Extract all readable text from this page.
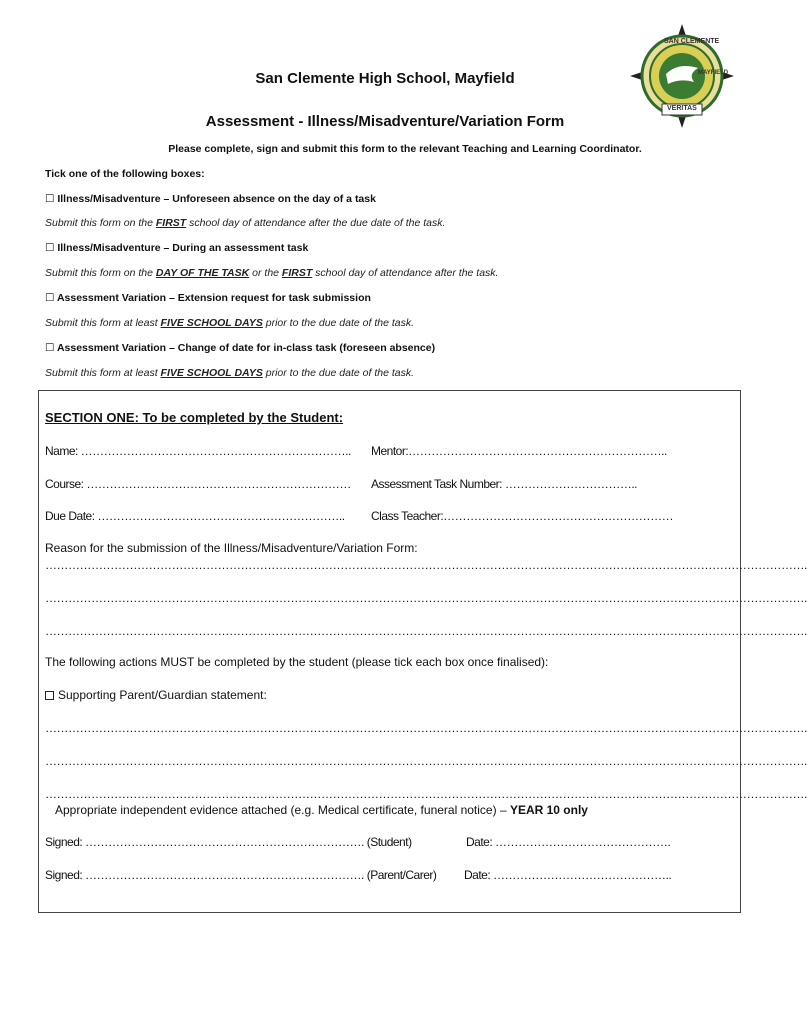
SAN CLEMENTE
MAYFIELD
VERITAS
San Clemente High School, Mayfield
Assessment - Illness/Misadventure/Variation Form
Please complete, sign and submit this form to the relevant Teaching and Learning Coordinator.
Tick one of the following boxes:
☐ Illness/Misadventure – Unforeseen absence on the day of a task
Submit this form on the FIRST school day of attendance after the due date of the task.
☐ Illness/Misadventure – During an assessment task
Submit this form on the DAY OF THE TASK or the FIRST school day of attendance after the task.
☐ Assessment Variation – Extension request for task submission
Submit this form at least FIVE SCHOOL DAYS prior to the due date of the task.
☐ Assessment Variation – Change of date for in-class task (foreseen absence)
Submit this form at least FIVE SCHOOL DAYS prior to the due date of the task.
SECTION ONE: To be completed by the Student:
Name: …………………………………………………………….. Mentor:…………………………………………………………..
Course: …………………………………………………………… Assessment Task Number: ……………………………..
Due Date: ……………………………………………………….. Class Teacher:……………………………………………………
Reason for the submission of the Illness/Misadventure/Variation Form:
……………………………………………………………………………………………………………………………………………………………………………….
……………………………………………………………………………………………………………………………………………………………………………….
……………………………………………………………………………………………………………………………………………………………………………….
The following actions MUST be completed by the student (please tick each box once finalised):
Supporting Parent/Guardian statement:
……………………………………………………………………………………………………………………………………………………………………………….
……………………………………………………………………………………………………………………………………………………………………………….
……………………………………………………………………………………………………………………………………………………………………………….
Appropriate independent evidence attached (e.g. Medical certificate, funeral notice) – YEAR 10 only
Signed: ………………………………………………………………. (Student)	Date: ……………………………………….
Signed: ………………………………………………………………. (Parent/Carer) Date: ………………………………………..
